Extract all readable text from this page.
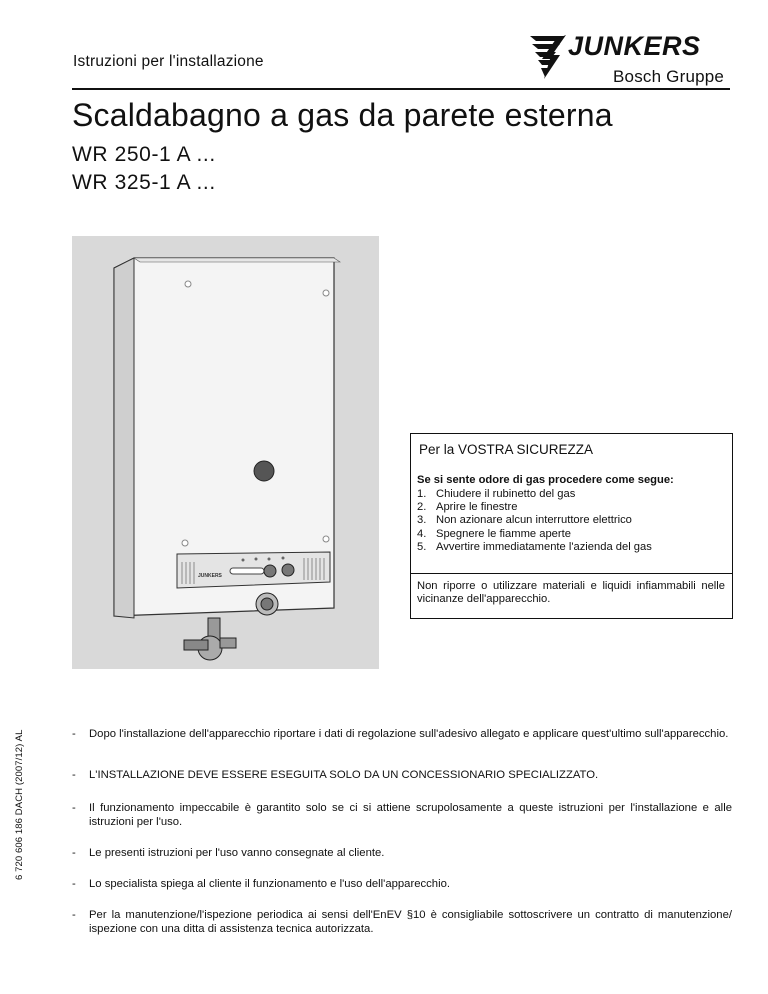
Istruzioni per l'installazione
JUNKERS
Bosch Gruppe
Scaldabagno a gas da parete esterna
WR 250-1 A ...
WR 325-1 A ...
6 720 606 186 DACH (2007/12) AL
JUNKERS
Per la VOSTRA SICUREZZA
Se si sente odore di gas procedere come segue:
1. Chiudere il rubinetto del gas
2. Aprire le finestre
3. Non azionare alcun interruttore elettrico
4. Spegnere le fiamme aperte
5. Avvertire immediatamente l'azienda del gas
Non riporre o utilizzare materiali e liquidi infiammabili nelle vicinanze dell'apparecchio.
- Dopo l'installazione dell'apparecchio riportare i dati di regolazione sull'adesivo allegato e applicare quest'ultimo sull'apparecchio.
- L'INSTALLAZIONE DEVE ESSERE ESEGUITA SOLO DA UN CONCESSIONARIO SPECIALIZZATO.
- Il funzionamento impeccabile è garantito solo se ci si attiene scrupolosamente a queste istruzioni per l'installazione e alle istruzioni per l'uso.
- Le presenti istruzioni per l'uso vanno consegnate al cliente.
- Lo specialista spiega al cliente il funzionamento e l'uso dell'apparecchio.
- Per la manutenzione/l'ispezione periodica ai sensi dell'EnEV §10 è consigliabile sottoscrivere un contratto di manutenzione/ ispezione con una ditta di assistenza tecnica autorizzata.
